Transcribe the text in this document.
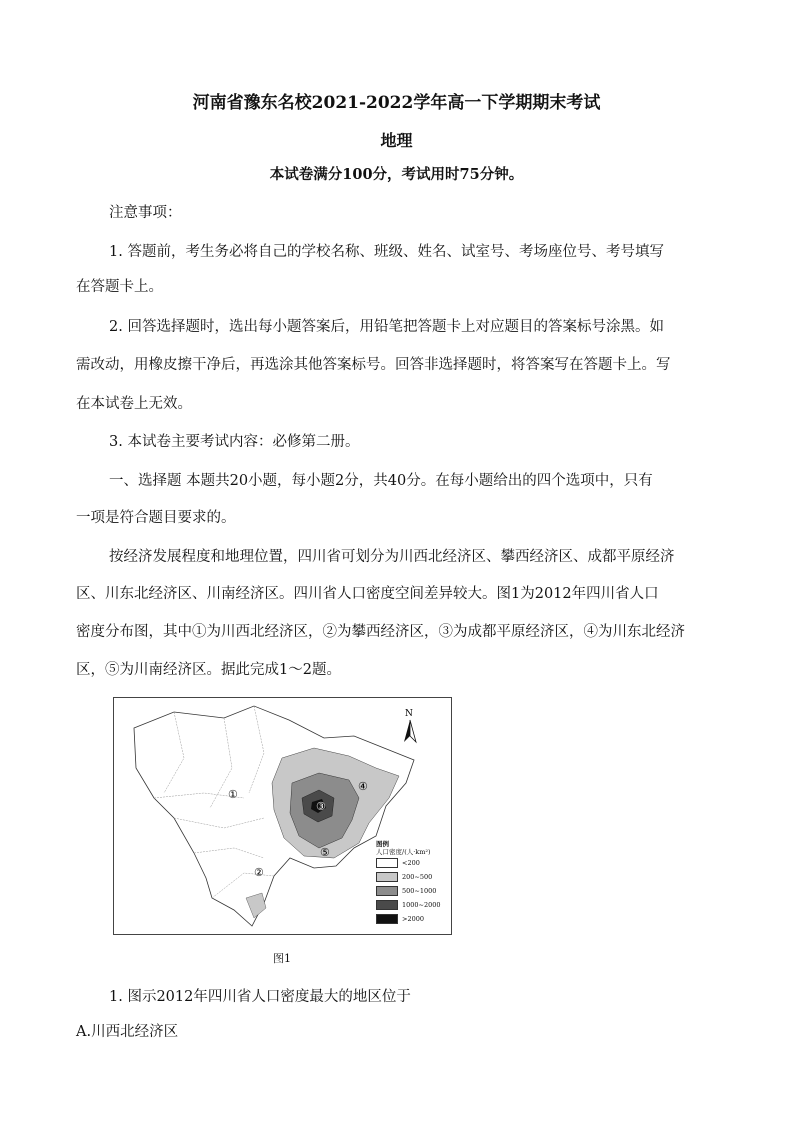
河南省豫东名校2021-2022学年高一下学期期末考试
地理
本试卷满分100分，考试用时75分钟。
注意事项：
1. 答题前，考生务必将自己的学校名称、班级、姓名、试室号、考场座位号、考号填写
在答题卡上。
2. 回答选择题时，选出每小题答案后，用铅笔把答题卡上对应题目的答案标号涂黑。如
需改动，用橡皮擦干净后，再选涂其他答案标号。回答非选择题时，将答案写在答题卡上。写
在本试卷上无效。
3. 本试卷主要考试内容：必修第二册。
一、选择题 本题共20小题，每小题2分，共40分。在每小题给出的四个选项中，只有
一项是符合题目要求的。
按经济发展程度和地理位置，四川省可划分为川西北经济区、攀西经济区、成都平原经济
区、川东北经济区、川南经济区。四川省人口密度空间差异较大。图1为2012年四川省人口
密度分布图，其中①为川西北经济区，②为攀西经济区，③为成都平原经济区，④为川东北经济
区，⑤为川南经济区。据此完成1～2题。
①
②
③
④
⑤
N
图例
人口密度/(人·km²)
<200
200~500
500~1000
1000~2000
>2000
图1
1. 图示2012年四川省人口密度最大的地区位于
A.川西北经济区
